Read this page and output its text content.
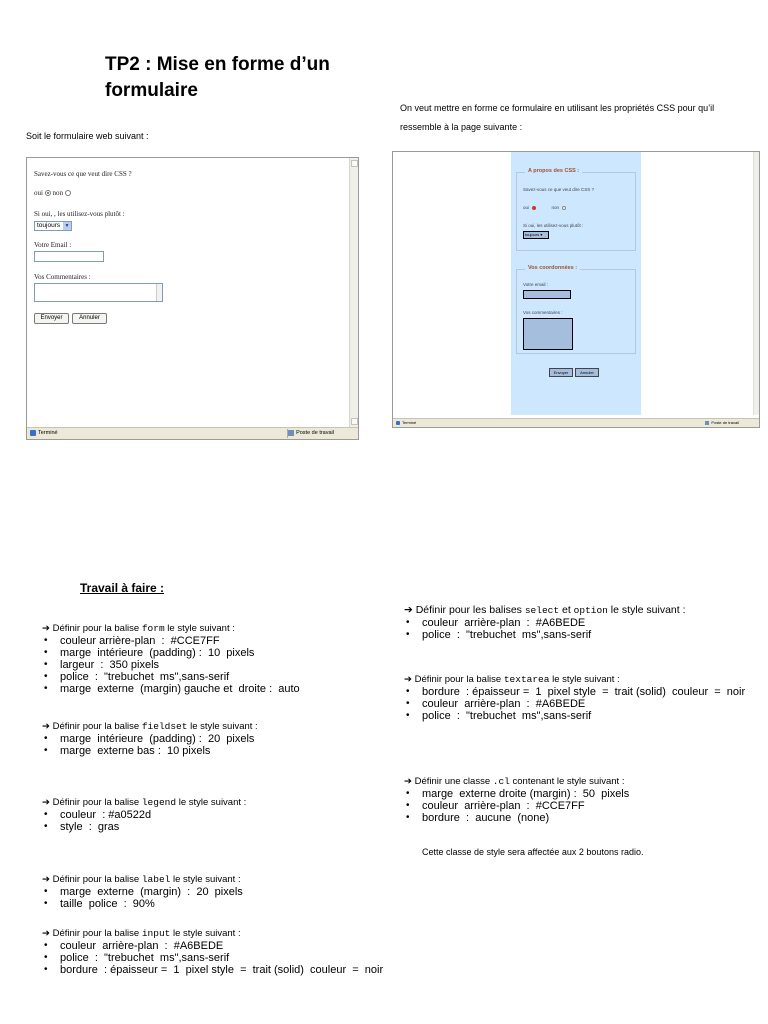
TP2 : Mise en forme d’un formulaire
Soit le formulaire web suivant :
On veut mettre en forme ce formulaire en utilisant les propriétés CSS pour qu’il ressemble à la page suivante :
Savez-vous ce que veut dire CSS ?
oui non
Si oui, , les utilisez-vous plutôt :
toujours ▼
Votre Email :
Vos Commentaires :
Envoyer	Annuler
Terminé	Poste de travail
A propos des CSS :
Savez-vous ce que veut dire CSS ?
oui	non
Si oui, les utilisez-vous plutôt :
toujours ▾
Vos coordonnées :
Votre email :
Vos commentaires :
Envoyer	Annuler
Terminé	Poste de travail
Travail à faire :
➔ Définir pour la balise form le style suivant :
• couleur arrière-plan  :  #CCE7FF
• marge  intérieure  (padding) :  10  pixels
• largeur  :  350 pixels
• police  :  "trebuchet  ms",sans-serif
• marge  externe  (margin) gauche et  droite :  auto
➔ Définir pour la balise fieldset le style suivant :
• marge  intérieure  (padding) :  20  pixels
• marge  externe bas :  10 pixels
➔ Définir pour la balise legend le style suivant :
• couleur  : #a0522d
• style  :  gras
➔ Définir pour la balise label le style suivant :
• marge  externe  (margin)  :  20  pixels
• taille  police  :  90%
➔ Définir pour la balise input le style suivant :
• couleur  arrière-plan  :  #A6BEDE
• police  :  "trebuchet  ms",sans-serif
• bordure  : épaisseur =  1  pixel style  =  trait (solid)  couleur  =  noir
➔ Définir pour les balises select et option le style suivant :
• couleur  arrière-plan  :  #A6BEDE
• police  :  "trebuchet  ms",sans-serif
➔ Définir pour la balise textarea le style suivant :
• bordure  : épaisseur =  1  pixel style  =  trait (solid)  couleur  =  noir
• couleur  arrière-plan  :  #A6BEDE
• police  :  "trebuchet  ms",sans-serif
➔ Définir une classe .cl contenant le style suivant :
• marge  externe droite (margin) :  50  pixels
• couleur  arrière-plan  :  #CCE7FF
• bordure  :  aucune  (none)
Cette classe de style sera affectée aux 2 boutons radio.
